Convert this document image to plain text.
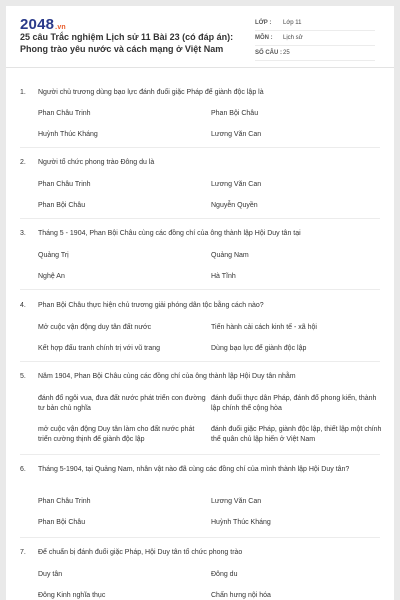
2048.vn
25 câu Trắc nghiệm Lịch sử 11 Bài 23 (có đáp án): Phong trào yêu nước và cách mạng ở Việt Nam
LỚP :	Lớp 11
MÔN :	Lịch sử
SỐ CÂU : 25
1. Người chủ trương dùng bạo lực đánh đuổi giặc Pháp để giành độc lập là
Phan Châu Trinh	Phan Bội Châu
Huỳnh Thúc Kháng	Lương Văn Can
2. Người tổ chức phong trào Đông du là
Phan Châu Trinh	Lương Văn Can
Phan Bội Châu	Nguyễn Quyền
3. Tháng 5 - 1904, Phan Bội Châu cùng các đồng chí của ông thành lập Hội Duy tân tại
Quảng Trị	Quảng Nam
Nghệ An	Hà Tĩnh
4. Phan Bội Châu thực hiện chủ trương giải phóng dân tộc bằng cách nào?
Mở cuộc vận động duy tân đất nước	Tiến hành cải cách kinh tế - xã hội
Kết hợp đấu tranh chính trị với vũ trang	Dùng bạo lực để giành độc lập
5. Năm 1904, Phan Bội Châu cùng các đồng chí của ông thành lập Hội Duy tân nhằm
đánh đổ ngôi vua, đưa đất nước phát triển con đường tư bản chủ nghĩa
đánh đuổi thực dân Pháp, đánh đổ phong kiến, thành lập chính thể cộng hòa
mở cuộc vận động Duy tân làm cho đất nước phát triển cường thịnh để giành độc lập
đánh đuổi giặc Pháp, giành độc lập, thiết lập một chính thể quân chủ lập hiến ở Việt Nam
6. Tháng 5-1904, tại Quảng Nam, nhân vật nào đã cùng các đồng chí của mình thành lập Hội Duy tân?
Phan Châu Trinh	Lương Văn Can
Phan Bội Châu	Huỳnh Thúc Kháng
7. Để chuẩn bị đánh đuổi giặc Pháp, Hội Duy tân tổ chức phong trào
Duy tân	Đông du
Đông Kinh nghĩa thục	Chấn hưng nội hóa
